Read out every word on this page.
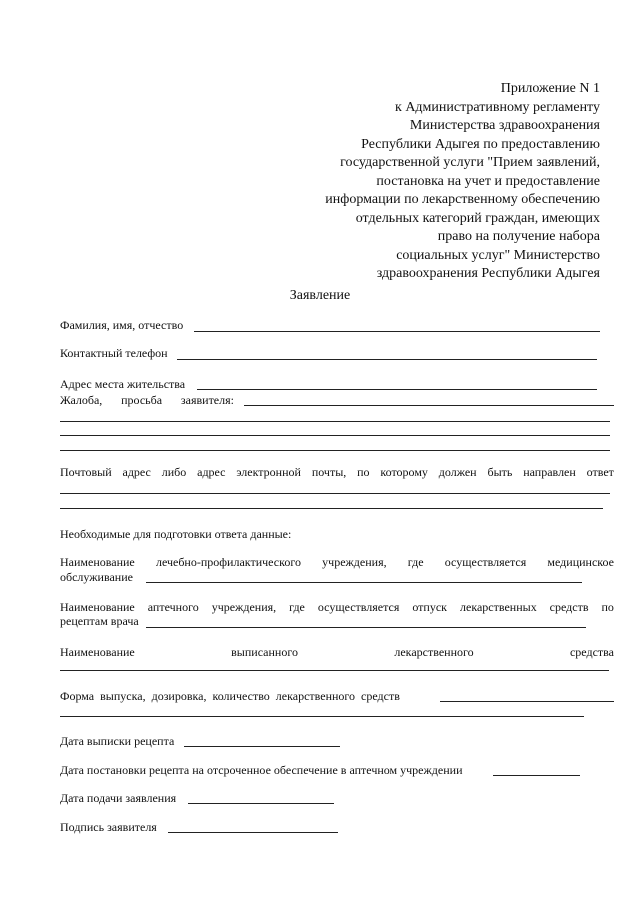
Приложение N 1
к Административному регламенту
Министерства здравоохранения
Республики Адыгея по предоставлению
государственной услуги "Прием заявлений,
постановка на учет и предоставление
информации по лекарственному обеспечению
отдельных категорий граждан, имеющих
право на получение набора
социальных услуг" Министерство
здравоохранения Республики Адыгея
Заявление
Фамилия, имя, отчество
Контактный телефон
Адрес места жительства
Жалоба, просьба заявителя:
Почтовый адрес либо адрес электронной почты, по которому должен быть направлен ответ
Необходимые для подготовки ответа данные:
Наименование лечебно-профилактического учреждения, где осуществляется медицинское
обслуживание
Наименование аптечного учреждения, где осуществляется отпуск лекарственных средств по
рецептам врача
Наименование	выписанного	лекарственного	средства
Форма выпуска, дозировка, количество лекарственного средств
Дата выписки рецепта
Дата постановки рецепта на отсроченное обеспечение в аптечном учреждении
Дата подачи заявления
Подпись заявителя
